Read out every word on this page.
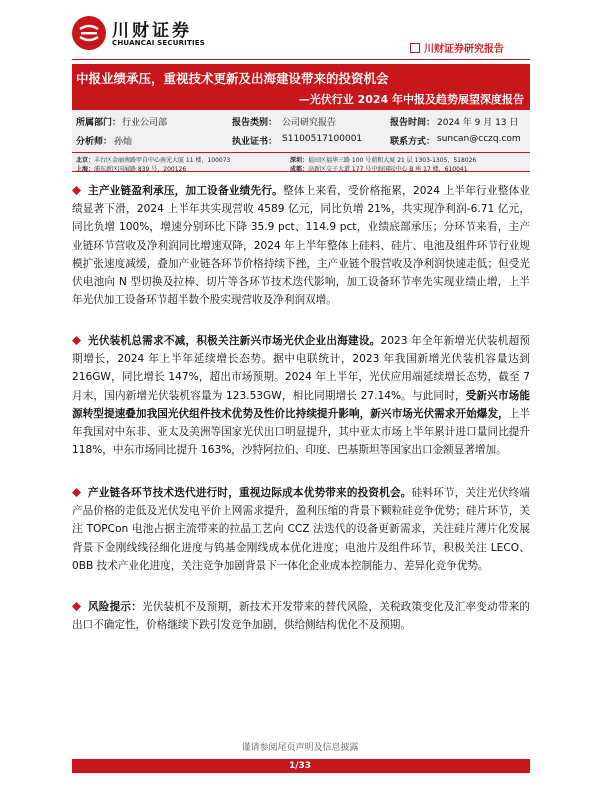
川财证券
CHUANCAI SECURITIES
川财证券研究报告
中报业绩承压，重视技术更新及出海建设带来的投资机会
—光伏行业 2024 年中报及趋势展望深度报告
所属部门： 行业公司部	报告类别： 公司研究报告	报告时间： 2024 年 9 月 13 日
分析师： 孙灿	执业证书： S1100517100001	联系方式： suncan@cczq.com
北京：丰台区金丽南路甲自中心南光大厦 11 楼，100073	深圳：福田区福华三路 100 号鼎和大厦 21 层 1303-1305，518026
上海：浦东新区国展路 839 号，200126	成都：高新区交子大道 177 号中海国际中心 B 座 17 楼，610041
主产业链盈利承压，加工设备业绩先行。整体上来看，受价格拖累，2024 上半年行业整体业绩显著下滑，2024 上半年共实现营收 4589 亿元，同比负增 21%，共实现净利润-6.71 亿元，同比负增 100%，增速分别环比下降 35.9 pct、114.9 pct，业绩底部承压；分环节来看，主产业链环节营收及净利润同比增速双降，2024 年上半年整体上硅料、硅片、电池及组件环节行业规模扩张速度减缓，叠加产业链各环节价格持续下挫，主产业链个股营收及净利润快速走低；但受光伏电池向 N 型切换及拉棒、切片等各环节技术迭代影响，加工设备环节率先实现业绩止增，上半年光伏加工设备环节超半数个股实现营收及净利润双增。
光伏装机总需求不减，积极关注新兴市场光伏企业出海建设。2023 年全年新增光伏装机超预期增长，2024 年上半年延续增长态势。据中电联统计，2023 年我国新增光伏装机容量达到 216GW，同比增长 147%，超出市场预期。2024 年上半年，光伏应用端延续增长态势，截至 7 月末，国内新增光伏装机容量为 123.53GW，相比同期增长 27.14%。与此同时，受新兴市场能源转型提速叠加我国光伏组件技术优势及性价比持续提升影响，新兴市场光伏需求开始爆发，上半年我国对中东非、亚太及美洲等国家光伏出口明显提升，其中亚太市场上半年累计进口量同比提升 118%，中东市场同比提升 163%，沙特阿拉伯、印度、巴基斯坦等国家出口金额显著增加。
产业链各环节技术迭代进行时，重视边际成本优势带来的投资机会。硅料环节，关注光伏终端产品价格的走低及光伏发电平价上网需求提升，盈利压缩的背景下颗粒硅竞争优势；硅片环节，关注 TOPCon 电池占据主流带来的拉晶工艺向 CCZ 法迭代的设备更新需求，关注硅片薄片化发展背景下金刚线线径细化进度与钨基金刚线成本优化进度；电池片及组件环节，积极关注 LECO、0BB 技术产业化进度，关注竞争加剧背景下一体化企业成本控制能力、差异化竞争优势。
风险提示：光伏装机不及预期，新技术开发带来的替代风险，关税政策变化及汇率变动带来的出口不确定性，价格继续下跌引发竞争加剧，供给侧结构优化不及预期。
谨请参阅尾页声明及信息披露
1/33
